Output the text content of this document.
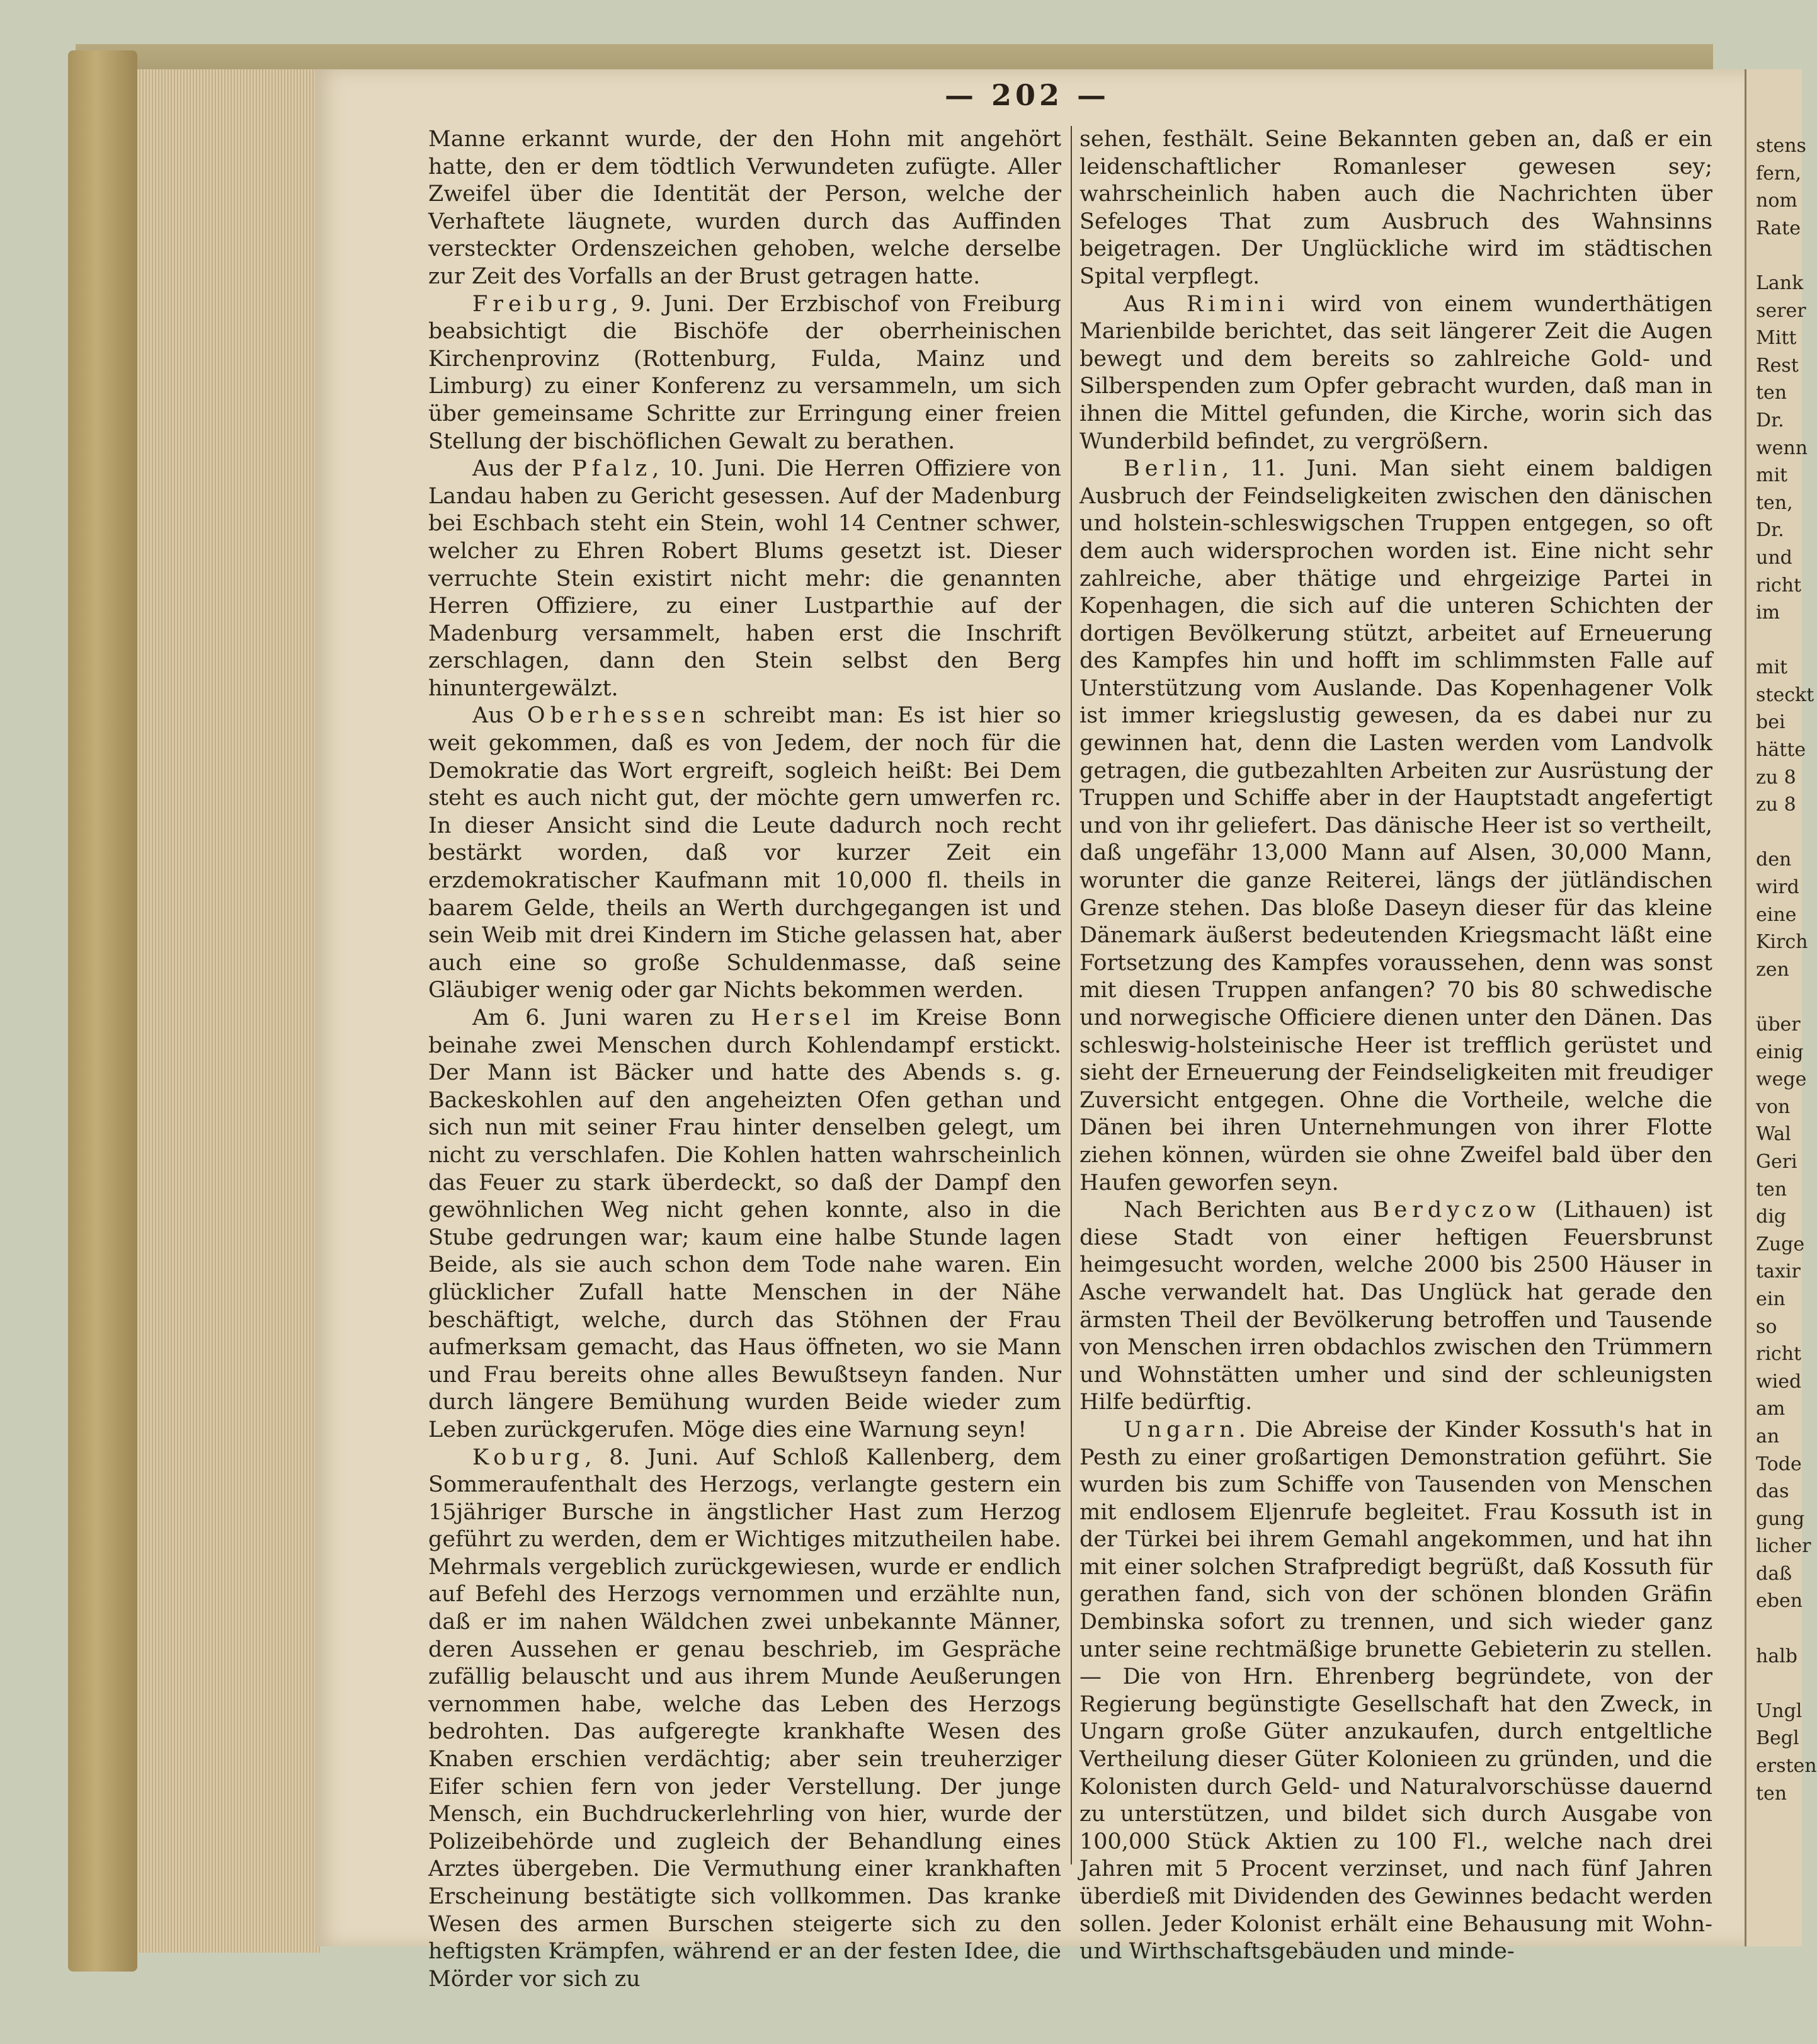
— 202 —

Manne erkannt wurde, der den Hohn mit angehört hatte, den er dem tödtlich Verwundeten zufügte. Aller Zweifel über die Identität der Person, welche der Verhaftete läugnete, wurden durch das Auffinden versteckter Ordenszeichen gehoben, welche derselbe zur Zeit des Vorfalls an der Brust getragen hatte.

Freiburg, 9. Juni. Der Erzbischof von Freiburg beabsichtigt die Bischöfe der oberrheinischen Kirchenprovinz (Rottenburg, Fulda, Mainz und Limburg) zu einer Konferenz zu versammeln, um sich über gemeinsame Schritte zur Erringung einer freien Stellung der bischöflichen Gewalt zu berathen.

Aus der Pfalz, 10. Juni. Die Herren Offiziere von Landau haben zu Gericht gesessen. Auf der Madenburg bei Eschbach steht ein Stein, wohl 14 Centner schwer, welcher zu Ehren Robert Blums gesetzt ist. Dieser verruchte Stein existirt nicht mehr: die genannten Herren Offiziere, zu einer Lustparthie auf der Madenburg versammelt, haben erst die Inschrift zerschlagen, dann den Stein selbst den Berg hinuntergewälzt.

Aus Oberhessen schreibt man: Es ist hier so weit gekommen, daß es von Jedem, der noch für die Demokratie das Wort ergreift, sogleich heißt: Bei Dem steht es auch nicht gut, der möchte gern umwerfen rc. In dieser Ansicht sind die Leute dadurch noch recht bestärkt worden, daß vor kurzer Zeit ein erzdemokratischer Kaufmann mit 10,000 fl. theils in baarem Gelde, theils an Werth durchgegangen ist und sein Weib mit drei Kindern im Stiche gelassen hat, aber auch eine so große Schuldenmasse, daß seine Gläubiger wenig oder gar Nichts bekommen werden.

Am 6. Juni waren zu Hersel im Kreise Bonn beinahe zwei Menschen durch Kohlendampf erstickt. Der Mann ist Bäcker und hatte des Abends s. g. Backeskohlen auf den angeheizten Ofen gethan und sich nun mit seiner Frau hinter denselben gelegt, um nicht zu verschlafen. Die Kohlen hatten wahrscheinlich das Feuer zu stark überdeckt, so daß der Dampf den gewöhnlichen Weg nicht gehen konnte, also in die Stube gedrungen war; kaum eine halbe Stunde lagen Beide, als sie auch schon dem Tode nahe waren. Ein glücklicher Zufall hatte Menschen in der Nähe beschäftigt, welche, durch das Stöhnen der Frau aufmerksam gemacht, das Haus öffneten, wo sie Mann und Frau bereits ohne alles Bewußtseyn fanden. Nur durch längere Bemühung wurden Beide wieder zum Leben zurückgerufen. Möge dies eine Warnung seyn!

Koburg, 8. Juni. Auf Schloß Kallenberg, dem Sommeraufenthalt des Herzogs, verlangte gestern ein 15jähriger Bursche in ängstlicher Hast zum Herzog geführt zu werden, dem er Wichtiges mitzutheilen habe. Mehrmals vergeblich zurückgewiesen, wurde er endlich auf Befehl des Herzogs vernommen und erzählte nun, daß er im nahen Wäldchen zwei unbekannte Männer, deren Aussehen er genau beschrieb, im Gespräche zufällig belauscht und aus ihrem Munde Aeußerungen vernommen habe, welche das Leben des Herzogs bedrohten. Das aufgeregte krankhafte Wesen des Knaben erschien verdächtig; aber sein treuherziger Eifer schien fern von jeder Verstellung. Der junge Mensch, ein Buchdruckerlehrling von hier, wurde der Polizeibehörde und zugleich der Behandlung eines Arztes übergeben. Die Vermuthung einer krankhaften Erscheinung bestätigte sich vollkommen. Das kranke Wesen des armen Burschen steigerte sich zu den heftigsten Krämpfen, während er an der festen Idee, die Mörder vor sich zu

sehen, festhält. Seine Bekannten geben an, daß er ein leidenschaftlicher Romanleser gewesen sey; wahrscheinlich haben auch die Nachrichten über Sefeloges That zum Ausbruch des Wahnsinns beigetragen. Der Unglückliche wird im städtischen Spital verpflegt.

Aus Rimini wird von einem wunderthätigen Marienbilde berichtet, das seit längerer Zeit die Augen bewegt und dem bereits so zahlreiche Gold- und Silberspenden zum Opfer gebracht wurden, daß man in ihnen die Mittel gefunden, die Kirche, worin sich das Wunderbild befindet, zu vergrößern.

Berlin, 11. Juni. Man sieht einem baldigen Ausbruch der Feindseligkeiten zwischen den dänischen und holstein-schleswigschen Truppen entgegen, so oft dem auch widersprochen worden ist. Eine nicht sehr zahlreiche, aber thätige und ehrgeizige Partei in Kopenhagen, die sich auf die unteren Schichten der dortigen Bevölkerung stützt, arbeitet auf Erneuerung des Kampfes hin und hofft im schlimmsten Falle auf Unterstützung vom Auslande. Das Kopenhagener Volk ist immer kriegslustig gewesen, da es dabei nur zu gewinnen hat, denn die Lasten werden vom Landvolk getragen, die gutbezahlten Arbeiten zur Ausrüstung der Truppen und Schiffe aber in der Hauptstadt angefertigt und von ihr geliefert. Das dänische Heer ist so vertheilt, daß ungefähr 13,000 Mann auf Alsen, 30,000 Mann, worunter die ganze Reiterei, längs der jütländischen Grenze stehen. Das bloße Daseyn dieser für das kleine Dänemark äußerst bedeutenden Kriegsmacht läßt eine Fortsetzung des Kampfes voraussehen, denn was sonst mit diesen Truppen anfangen? 70 bis 80 schwedische und norwegische Officiere dienen unter den Dänen. Das schleswig-holsteinische Heer ist trefflich gerüstet und sieht der Erneuerung der Feindseligkeiten mit freudiger Zuversicht entgegen. Ohne die Vortheile, welche die Dänen bei ihren Unternehmungen von ihrer Flotte ziehen können, würden sie ohne Zweifel bald über den Haufen geworfen seyn.

Nach Berichten aus Berdyczow (Lithauen) ist diese Stadt von einer heftigen Feuersbrunst heimgesucht worden, welche 2000 bis 2500 Häuser in Asche verwandelt hat. Das Unglück hat gerade den ärmsten Theil der Bevölkerung betroffen und Tausende von Menschen irren obdachlos zwischen den Trümmern und Wohnstätten umher und sind der schleunigsten Hilfe bedürftig.

Ungarn. Die Abreise der Kinder Kossuth's hat in Pesth zu einer großartigen Demonstration geführt. Sie wurden bis zum Schiffe von Tausenden von Menschen mit endlosem Eljenrufe begleitet. Frau Kossuth ist in der Türkei bei ihrem Gemahl angekommen, und hat ihn mit einer solchen Strafpredigt begrüßt, daß Kossuth für gerathen fand, sich von der schönen blonden Gräfin Dembinska sofort zu trennen, und sich wieder ganz unter seine rechtmäßige brunette Gebieterin zu stellen. — Die von Hrn. Ehrenberg begründete, von der Regierung begünstigte Gesellschaft hat den Zweck, in Ungarn große Güter anzukaufen, durch entgeltliche Vertheilung dieser Güter Kolonieen zu gründen, und die Kolonisten durch Geld- und Naturalvorschüsse dauernd zu unterstützen, und bildet sich durch Ausgabe von 100,000 Stück Aktien zu 100 Fl., welche nach drei Jahren mit 5 Procent verzinset, und nach fünf Jahren überdieß mit Dividenden des Gewinnes bedacht werden sollen. Jeder Kolonist erhält eine Behausung mit Wohn- und Wirthschaftsgebäuden und minde-

stens
fern,
nom
Rate
Lank
serer
Mitt
Rest
ten
Dr.
wenn
mit
ten,
Dr.
und
richt
im
mit
steckt
bei
hätte
zu 8
zu 8
den
wird
eine
Kirch
zen
über
einig
wege
von
Wal
Geri
ten
dig
Zuge
taxir
ein
so
richt
wied
am
an
Tode
das
gung
licher
daß
eben
halb
Ungl
Begl
ersten
ten
